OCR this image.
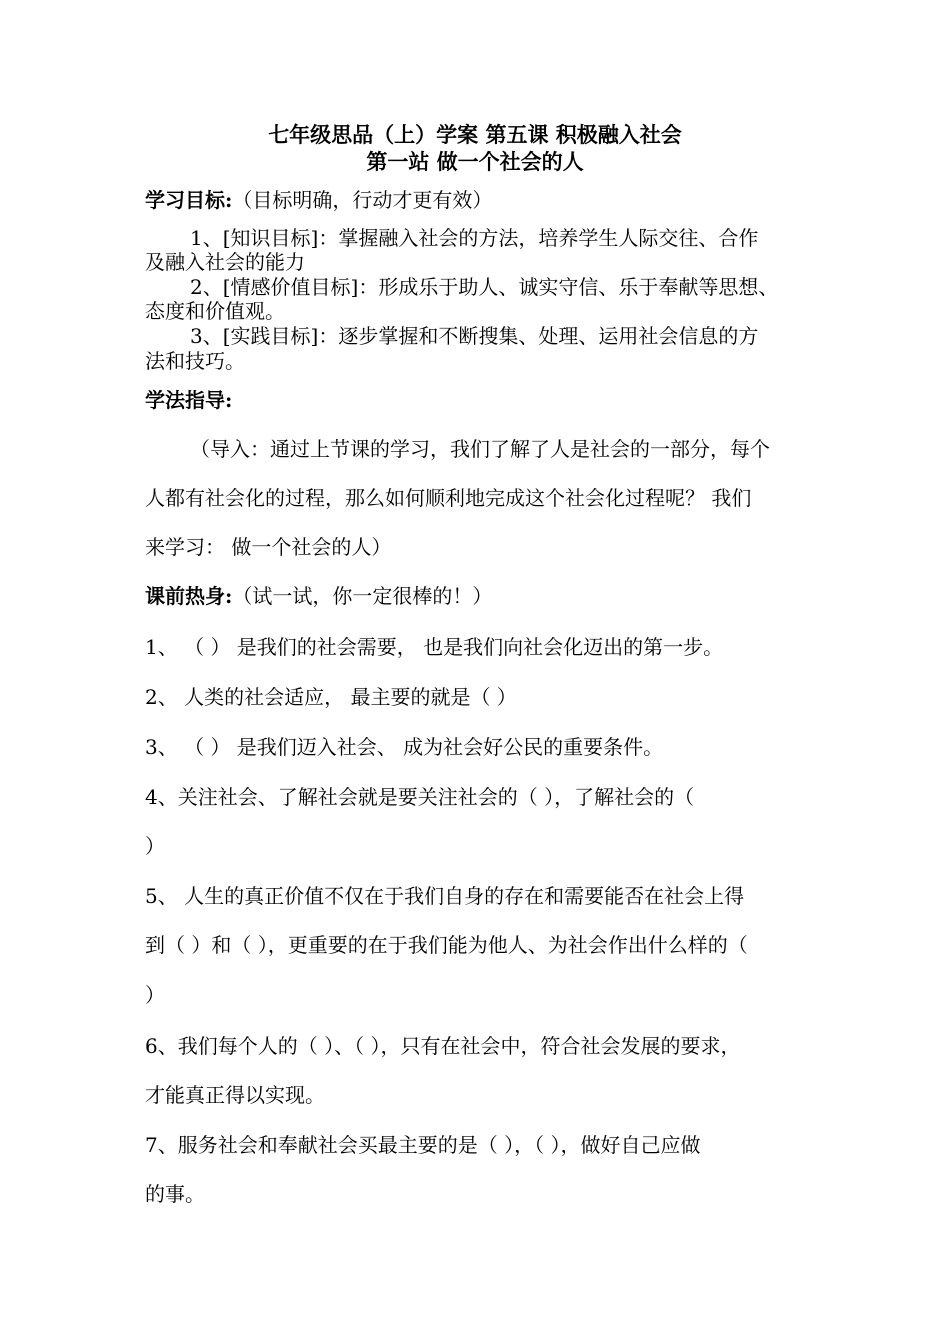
七年级思品（上）学案 第五课 积极融入社会
第一站 做一个社会的人
学习目标:（目标明确，行动才更有效）
1、[知识目标]：掌握融入社会的方法，培养学生人际交往、合作
及融入社会的能力
2、[情感价值目标]：形成乐于助人、诚实守信、乐于奉献等思想、
态度和价值观。
3、[实践目标]：逐步掌握和不断搜集、处理、运用社会信息的方
法和技巧。
学法指导:
（导入：通过上节课的学习，我们了解了人是社会的一部分，每个
人都有社会化的过程，那么如何顺利地完成这个社会化过程呢？ 我们
来学习： 做一个社会的人）
课前热身:（试一试，你一定很棒的！）
1、 （ ） 是我们的社会需要， 也是我们向社会化迈出的第一步。
2、 人类的社会适应， 最主要的就是（ ）
3、 （ ） 是我们迈入社会、 成为社会好公民的重要条件。
4、关注社会、了解社会就是要关注社会的（ ），了解社会的（
）
5、 人生的真正价值不仅在于我们自身的存在和需要能否在社会上得
到（ ）和（ ），更重要的在于我们能为他人、为社会作出什么样的（
）
6、我们每个人的（ ）、（ ），只有在社会中，符合社会发展的要求，
才能真正得以实现。
7、服务社会和奉献社会买最主要的是（ ），（ ），做好自己应做
的事。
